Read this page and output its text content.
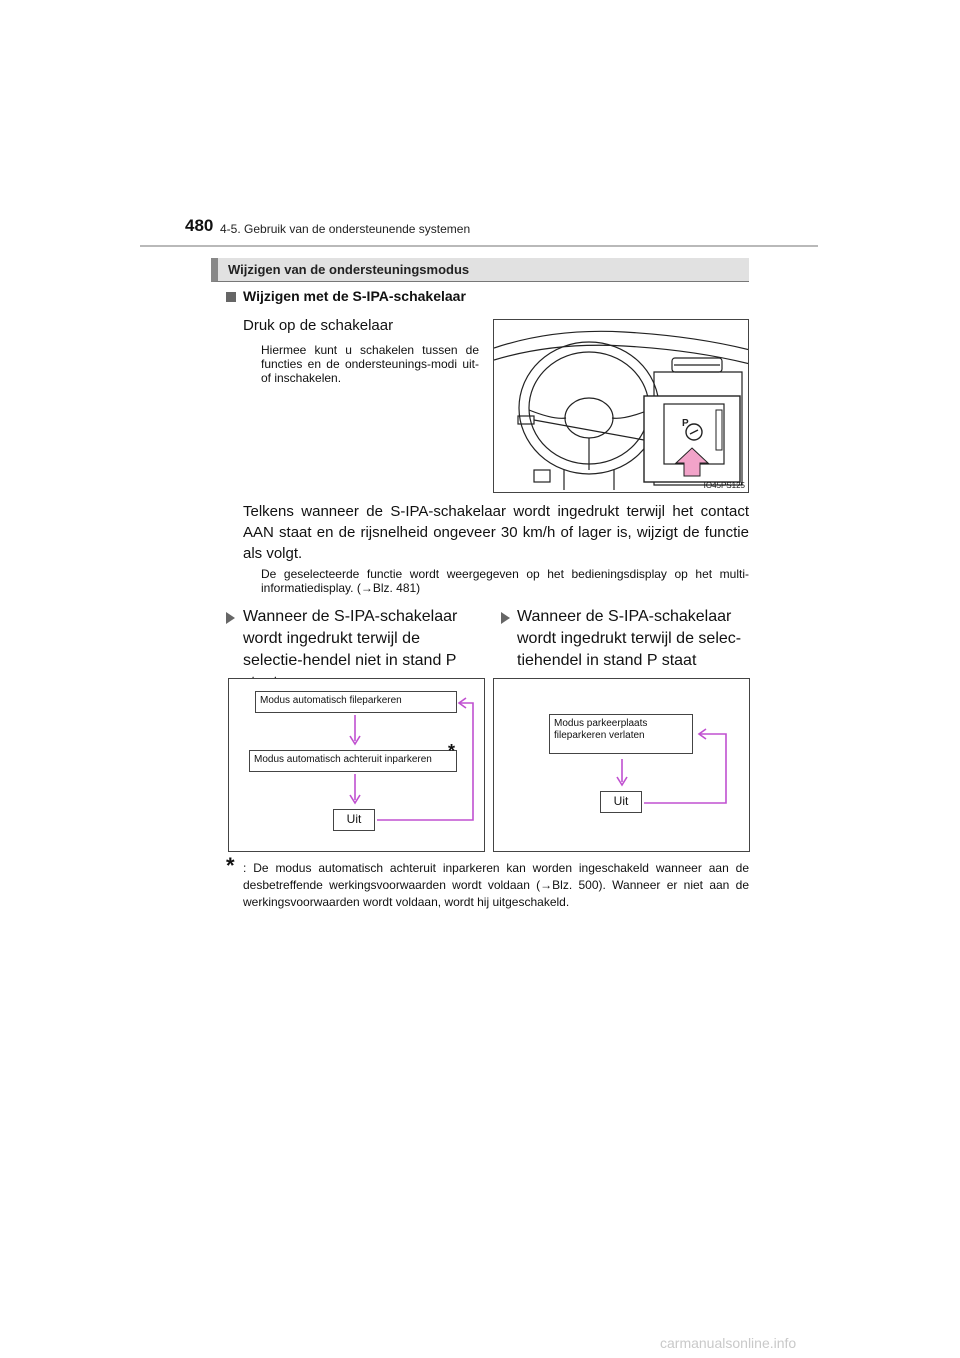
480 4-5. Gebruik van de ondersteunende systemen
Wijzigen van de ondersteuningsmodus
Wijzigen met de S-IPA-schakelaar
Druk op de schakelaar
Hiermee kunt u schakelen tussen de functies en de ondersteunings-modi uit- of inschakelen.
P
IO45PS125
Telkens wanneer de S-IPA-schakelaar wordt ingedrukt terwijl het contact AAN staat en de rijsnelheid ongeveer 30 km/h of lager is, wijzigt de functie als volgt.
De geselecteerde functie wordt weergegeven op het bedieningsdisplay op het multi-informatiedisplay. (→Blz. 481)
Wanneer de S-IPA-schakelaar wordt ingedrukt terwijl de selectie-hendel niet in stand P
Wanneer de S-IPA-schakelaar wordt ingedrukt terwijl de selec-tiehendel in stand P staat
Modus automatisch fileparkeren
Modus automatisch achteruit inparkeren *
Uit
Modus parkeerplaats fileparkeren verlaten
Uit
* : De modus automatisch achteruit inparkeren kan worden ingeschakeld wanneer aan de desbetreffende werkingsvoorwaarden wordt voldaan (→Blz. 500). Wanneer er niet aan de werkingsvoorwaarden wordt voldaan, wordt hij uitgeschakeld.
carmanualsonline.info
